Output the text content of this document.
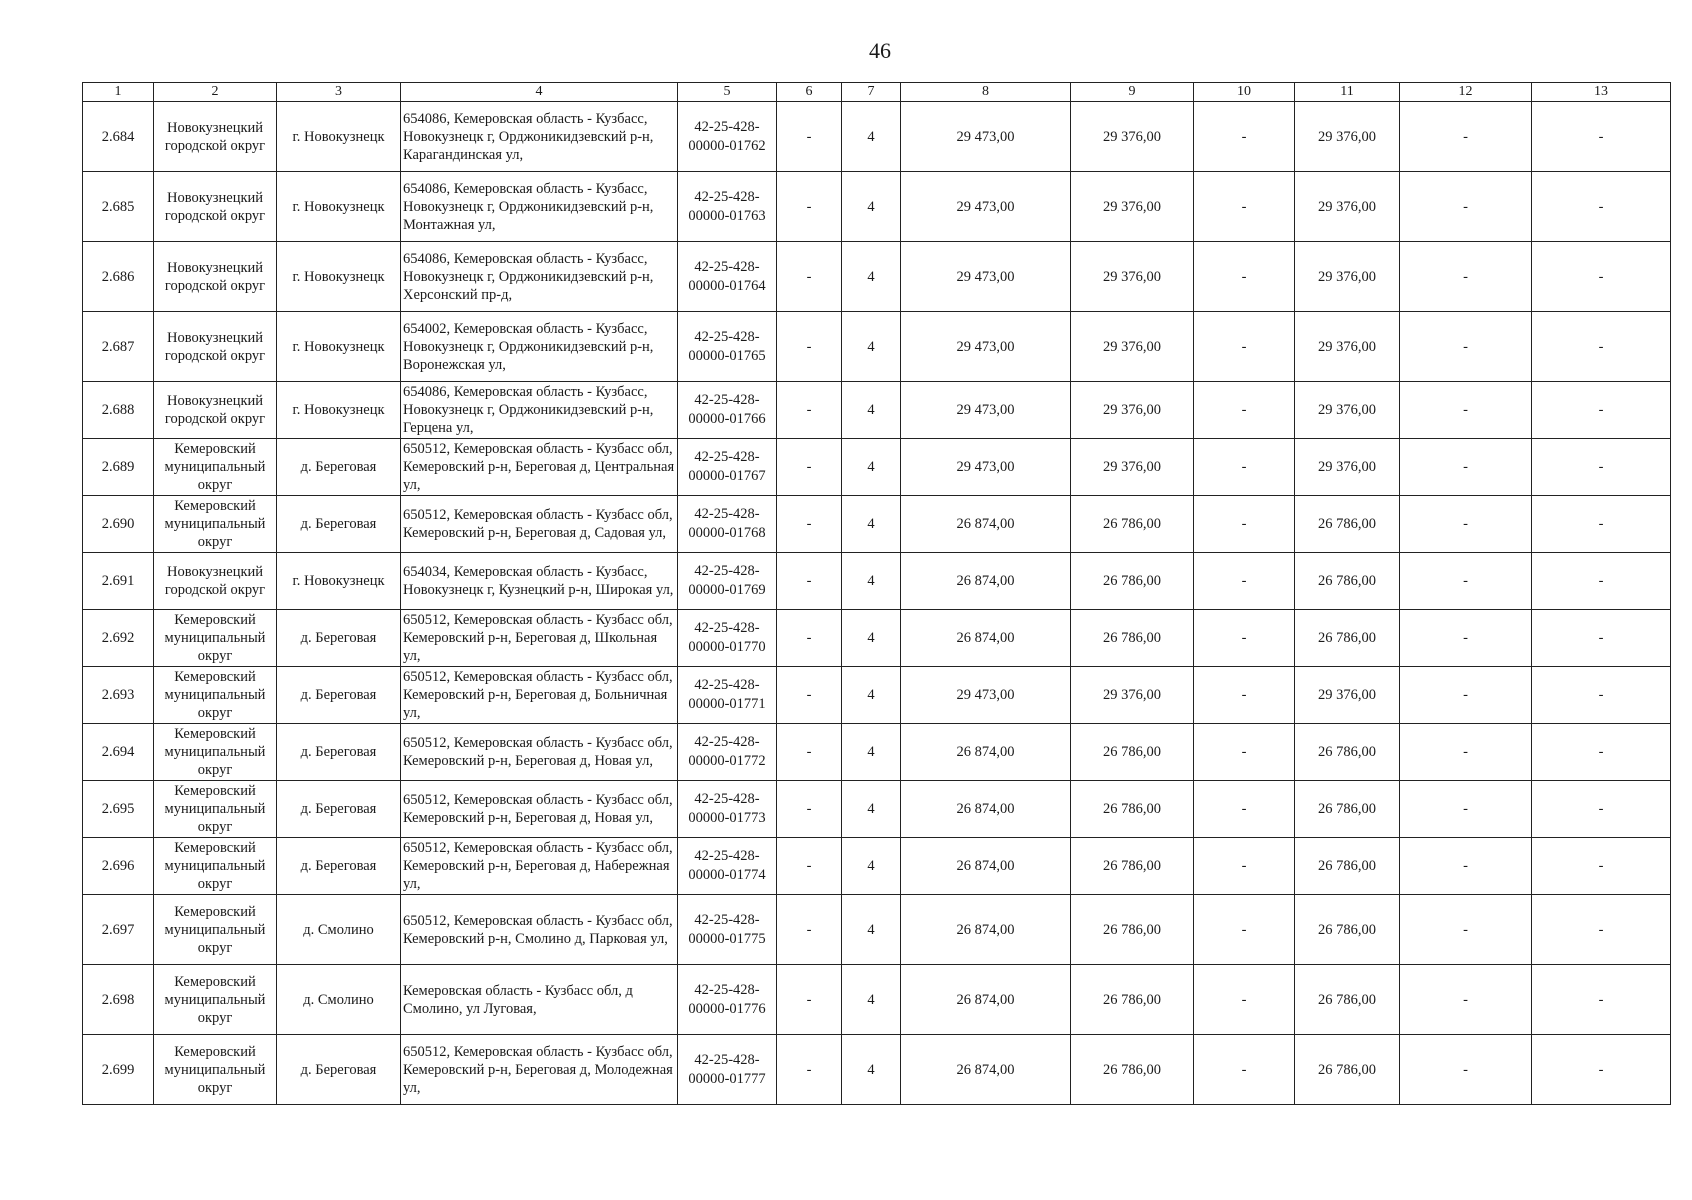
46
1	2	3	4	5	6	7	8	9	10	11	12	13
2.684	Новокузнецкий городской округ	г. Новокузнецк	654086, Кемеровская область - Кузбасс, Новокузнецк г, Орджоникидзевский р-н, Карагандинская ул,	42-25-428-00000-01762	-	4	29 473,00	29 376,00	-	29 376,00	-	-
2.685	Новокузнецкий городской округ	г. Новокузнецк	654086, Кемеровская область - Кузбасс, Новокузнецк г, Орджоникидзевский р-н, Монтажная ул,	42-25-428-00000-01763	-	4	29 473,00	29 376,00	-	29 376,00	-	-
2.686	Новокузнецкий городской округ	г. Новокузнецк	654086, Кемеровская область - Кузбасс, Новокузнецк г, Орджоникидзевский р-н, Херсонский пр-д,	42-25-428-00000-01764	-	4	29 473,00	29 376,00	-	29 376,00	-	-
2.687	Новокузнецкий городской округ	г. Новокузнецк	654002, Кемеровская область - Кузбасс, Новокузнецк г, Орджоникидзевский р-н, Воронежская ул,	42-25-428-00000-01765	-	4	29 473,00	29 376,00	-	29 376,00	-	-
2.688	Новокузнецкий городской округ	г. Новокузнецк	654086, Кемеровская область - Кузбасс, Новокузнецк г, Орджоникидзевский р-н, Герцена ул,	42-25-428-00000-01766	-	4	29 473,00	29 376,00	-	29 376,00	-	-
2.689	Кемеровский муниципальный округ	д. Береговая	650512, Кемеровская область - Кузбасс обл, Кемеровский р-н, Береговая д, Центральная ул,	42-25-428-00000-01767	-	4	29 473,00	29 376,00	-	29 376,00	-	-
2.690	Кемеровский муниципальный округ	д. Береговая	650512, Кемеровская область - Кузбасс обл, Кемеровский р-н, Береговая д, Садовая ул,	42-25-428-00000-01768	-	4	26 874,00	26 786,00	-	26 786,00	-	-
2.691	Новокузнецкий городской округ	г. Новокузнецк	654034, Кемеровская область - Кузбасс, Новокузнецк г, Кузнецкий р-н, Широкая ул,	42-25-428-00000-01769	-	4	26 874,00	26 786,00	-	26 786,00	-	-
2.692	Кемеровский муниципальный округ	д. Береговая	650512, Кемеровская область - Кузбасс обл, Кемеровский р-н, Береговая д, Школьная ул,	42-25-428-00000-01770	-	4	26 874,00	26 786,00	-	26 786,00	-	-
2.693	Кемеровский муниципальный округ	д. Береговая	650512, Кемеровская область - Кузбасс обл, Кемеровский р-н, Береговая д, Больничная ул,	42-25-428-00000-01771	-	4	29 473,00	29 376,00	-	29 376,00	-	-
2.694	Кемеровский муниципальный округ	д. Береговая	650512, Кемеровская область - Кузбасс обл, Кемеровский р-н, Береговая д, Новая ул,	42-25-428-00000-01772	-	4	26 874,00	26 786,00	-	26 786,00	-	-
2.695	Кемеровский муниципальный округ	д. Береговая	650512, Кемеровская область - Кузбасс обл, Кемеровский р-н, Береговая д, Новая ул,	42-25-428-00000-01773	-	4	26 874,00	26 786,00	-	26 786,00	-	-
2.696	Кемеровский муниципальный округ	д. Береговая	650512, Кемеровская область - Кузбасс обл, Кемеровский р-н, Береговая д, Набережная ул,	42-25-428-00000-01774	-	4	26 874,00	26 786,00	-	26 786,00	-	-
2.697	Кемеровский муниципальный округ	д. Смолино	650512, Кемеровская область - Кузбасс обл, Кемеровский р-н, Смолино д, Парковая ул,	42-25-428-00000-01775	-	4	26 874,00	26 786,00	-	26 786,00	-	-
2.698	Кемеровский муниципальный округ	д. Смолино	Кемеровская область - Кузбасс обл, д Смолино, ул Луговая,	42-25-428-00000-01776	-	4	26 874,00	26 786,00	-	26 786,00	-	-
2.699	Кемеровский муниципальный округ	д. Береговая	650512, Кемеровская область - Кузбасс обл, Кемеровский р-н, Береговая д, Молодежная ул,	42-25-428-00000-01777	-	4	26 874,00	26 786,00	-	26 786,00	-	-
